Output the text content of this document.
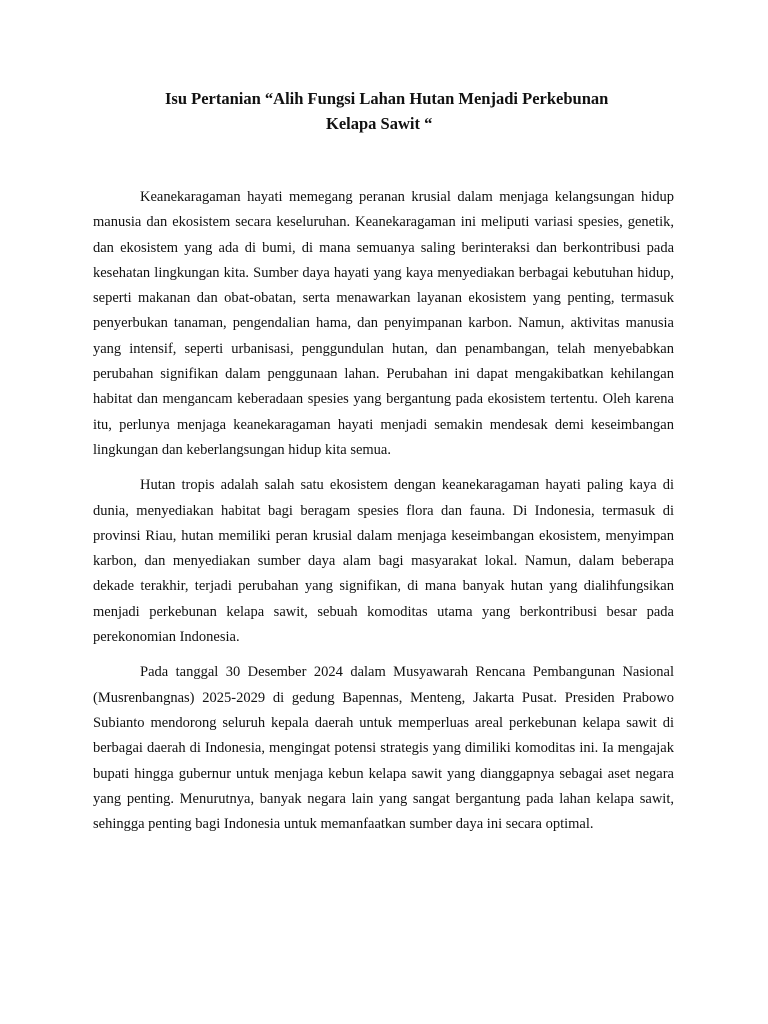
Isu Pertanian “Alih Fungsi Lahan Hutan Menjadi Perkebunan
Kelapa Sawit “

Keanekaragaman hayati memegang peranan krusial dalam menjaga kelangsungan hidup manusia dan ekosistem secara keseluruhan. Keanekaragaman ini meliputi variasi spesies, genetik, dan ekosistem yang ada di bumi, di mana semuanya saling berinteraksi dan berkontribusi pada kesehatan lingkungan kita. Sumber daya hayati yang kaya menyediakan berbagai kebutuhan hidup, seperti makanan dan obat-obatan, serta menawarkan layanan ekosistem yang penting, termasuk penyerbukan tanaman, pengendalian hama, dan penyimpanan karbon. Namun, aktivitas manusia yang intensif, seperti urbanisasi, penggundulan hutan, dan penambangan, telah menyebabkan perubahan signifikan dalam penggunaan lahan. Perubahan ini dapat mengakibatkan kehilangan habitat dan mengancam keberadaan spesies yang bergantung pada ekosistem tertentu. Oleh karena itu, perlunya menjaga keanekaragaman hayati menjadi semakin mendesak demi keseimbangan lingkungan dan keberlangsungan hidup kita semua.

Hutan tropis adalah salah satu ekosistem dengan keanekaragaman hayati paling kaya di dunia, menyediakan habitat bagi beragam spesies flora dan fauna. Di Indonesia, termasuk di provinsi Riau, hutan memiliki peran krusial dalam menjaga keseimbangan ekosistem, menyimpan karbon, dan menyediakan sumber daya alam bagi masyarakat lokal. Namun, dalam beberapa dekade terakhir, terjadi perubahan yang signifikan, di mana banyak hutan yang dialihfungsikan menjadi perkebunan kelapa sawit, sebuah komoditas utama yang berkontribusi besar pada perekonomian Indonesia.

Pada tanggal 30 Desember 2024 dalam Musyawarah Rencana Pembangunan Nasional (Musrenbangnas) 2025-2029 di gedung Bapennas, Menteng, Jakarta Pusat. Presiden Prabowo Subianto mendorong seluruh kepala daerah untuk memperluas areal perkebunan kelapa sawit di berbagai daerah di Indonesia, mengingat potensi strategis yang dimiliki komoditas ini. Ia mengajak bupati hingga gubernur untuk menjaga kebun kelapa sawit yang dianggapnya sebagai aset negara yang penting. Menurutnya, banyak negara lain yang sangat bergantung pada lahan kelapa sawit, sehingga penting bagi Indonesia untuk memanfaatkan sumber daya ini secara optimal.
